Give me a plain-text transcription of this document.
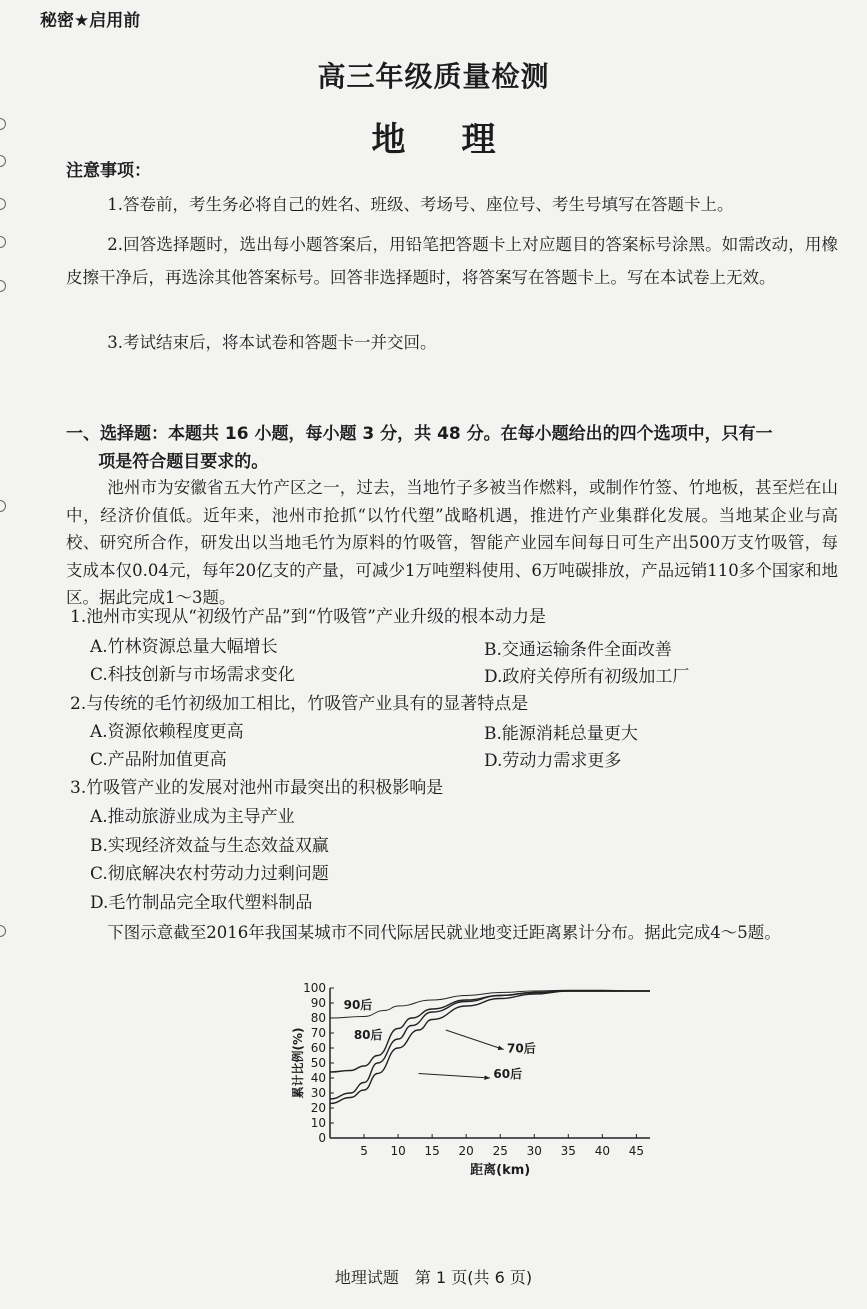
秘密★启用前
高三年级质量检测
地 理
注意事项：
1.答卷前，考生务必将自己的姓名、班级、考场号、座位号、考生号填写在答题卡上。
2.回答选择题时，选出每小题答案后，用铅笔把答题卡上对应题目的答案标号涂黑。如需改动，用橡皮擦干净后，再选涂其他答案标号。回答非选择题时，将答案写在答题卡上。写在本试卷上无效。
3.考试结束后，将本试卷和答题卡一并交回。
一、选择题：本题共 16 小题，每小题 3 分，共 48 分。在每小题给出的四个选项中，只有一
项是符合题目要求的。
池州市为安徽省五大竹产区之一，过去，当地竹子多被当作燃料，或制作竹签、竹地板，甚至烂在山中，经济价值低。近年来，池州市抢抓“以竹代塑”战略机遇，推进竹产业集群化发展。当地某企业与高校、研究所合作，研发出以当地毛竹为原料的竹吸管，智能产业园车间每日可生产出500万支竹吸管，每支成本仅0.04元，每年20亿支的产量，可减少1万吨塑料使用、6万吨碳排放，产品远销110多个国家和地区。据此完成1～3题。
1.池州市实现从“初级竹产品”到“竹吸管”产业升级的根本动力是
A.竹林资源总量大幅增长	B.交通运输条件全面改善
C.科技创新与市场需求变化	D.政府关停所有初级加工厂
2.与传统的毛竹初级加工相比，竹吸管产业具有的显著特点是
A.资源依赖程度更高	B.能源消耗总量更大
C.产品附加值更高	D.劳动力需求更多
3.竹吸管产业的发展对池州市最突出的积极影响是
A.推动旅游业成为主导产业
B.实现经济效益与生态效益双赢
C.彻底解决农村劳动力过剩问题
D.毛竹制品完全取代塑料制品
下图示意截至2016年我国某城市不同代际居民就业地变迁距离累计分布。据此完成4～5题。
0
10
20
30
40
50
60
70
80
90
100
5 10 15 20 25 30 35 40 45
距离(km)
累计比例(%)
90后
80后
70后
60后
地理试题　第 1 页(共 6 页)
